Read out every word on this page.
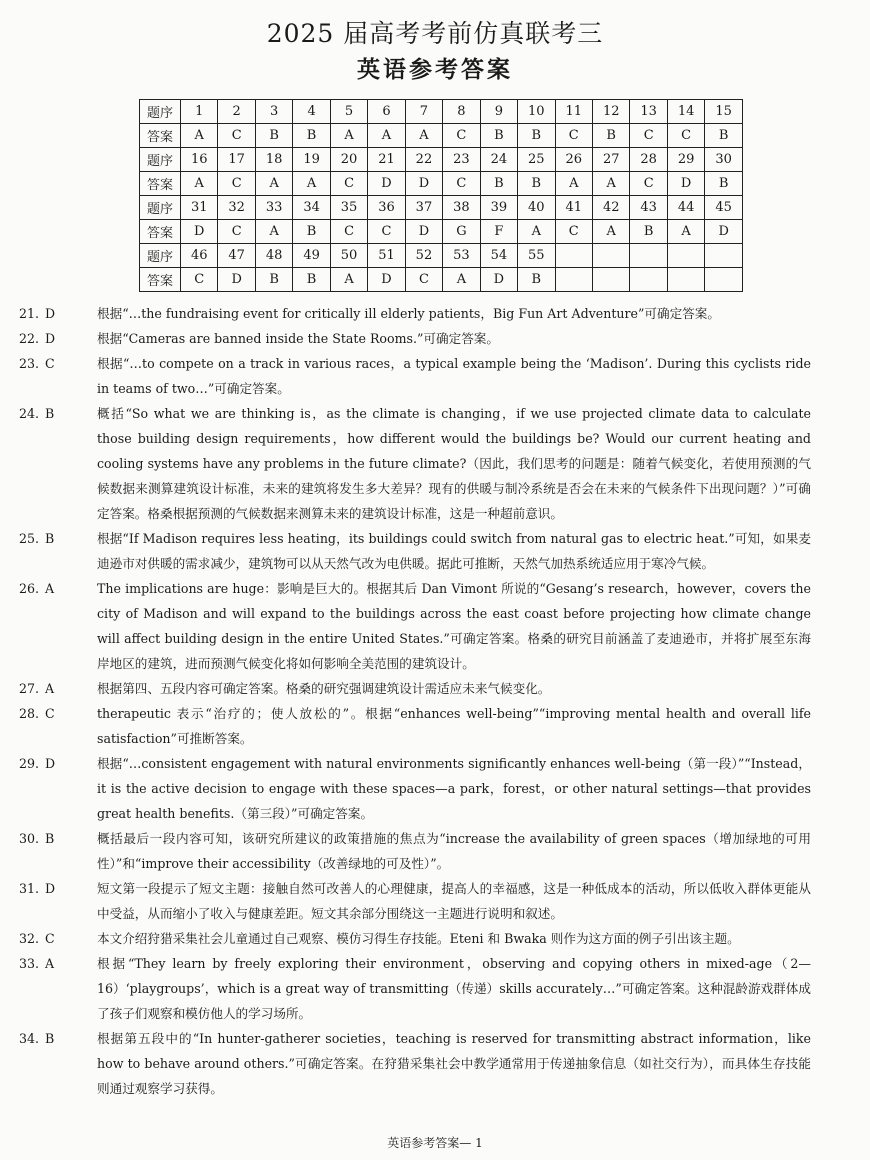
2025 届高考考前仿真联考三
英语参考答案
题序	1	2	3	4	5	6	7	8	9	10	11	12	13	14	15
答案	A	C	B	B	A	A	A	C	B	B	C	B	C	C	B
题序	16	17	18	19	20	21	22	23	24	25	26	27	28	29	30
答案	A	C	A	A	C	D	D	C	B	B	A	A	C	D	B
题序	31	32	33	34	35	36	37	38	39	40	41	42	43	44	45
答案	D	C	A	B	C	C	D	G	F	A	C	A	B	A	D
题序	46	47	48	49	50	51	52	53	54	55					
答案	C	D	B	B	A	D	C	A	D	B					
21. D	根据“…the fundraising event for critically ill elderly patients，Big Fun Art Adventure”可确定答案。
22. D	根据“Cameras are banned inside the State Rooms.”可确定答案。
23. C	根据“…to compete on a track in various races，a typical example being the ‘Madison’. During this cyclists ride in teams of two…”可确定答案。
24. B	概括“So what we are thinking is，as the climate is changing，if we use projected climate data to calculate those building design requirements，how different would the buildings be? Would our current heating and cooling systems have any problems in the future climate?（因此，我们思考的问题是：随着气候变化，若使用预测的气候数据来测算建筑设计标准，未来的建筑将发生多大差异？现有的供暖与制冷系统是否会在未来的气候条件下出现问题？）”可确定答案。格桑根据预测的气候数据来测算未来的建筑设计标准，这是一种超前意识。
25. B	根据“If Madison requires less heating，its buildings could switch from natural gas to electric heat.”可知，如果麦迪逊市对供暖的需求减少，建筑物可以从天然气改为电供暖。据此可推断，天然气加热系统适应用于寒冷气候。
26. A	The implications are huge：影响是巨大的。根据其后 Dan Vimont 所说的“Gesang’s research，however，covers the city of Madison and will expand to the buildings across the east coast before projecting how climate change will affect building design in the entire United States.”可确定答案。格桑的研究目前涵盖了麦迪逊市，并将扩展至东海岸地区的建筑，进而预测气候变化将如何影响全美范围的建筑设计。
27. A	根据第四、五段内容可确定答案。格桑的研究强调建筑设计需适应未来气候变化。
28. C	therapeutic 表示“治疗的；使人放松的”。根据“enhances well-being”“improving mental health and overall life satisfaction”可推断答案。
29. D	根据“…consistent engagement with natural environments significantly enhances well-being（第一段）”“Instead，it is the active decision to engage with these spaces—a park，forest，or other natural settings—that provides great health benefits.（第三段）”可确定答案。
30. B	概括最后一段内容可知，该研究所建议的政策措施的焦点为“increase the availability of green spaces（增加绿地的可用性）”和“improve their accessibility（改善绿地的可及性）”。
31. D	短文第一段提示了短文主题：接触自然可改善人的心理健康，提高人的幸福感，这是一种低成本的活动，所以低收入群体更能从中受益，从而缩小了收入与健康差距。短文其余部分围绕这一主题进行说明和叙述。
32. C	本文介绍狩猎采集社会儿童通过自己观察、模仿习得生存技能。Eteni 和 Bwaka 则作为这方面的例子引出该主题。
33. A	根据“They learn by freely exploring their environment，observing and copying others in mixed-age（2—16）‘playgroups’，which is a great way of transmitting（传递）skills accurately…”可确定答案。这种混龄游戏群体成了孩子们观察和模仿他人的学习场所。
34. B	根据第五段中的“In hunter-gatherer societies，teaching is reserved for transmitting abstract information，like how to behave around others.”可确定答案。在狩猎采集社会中教学通常用于传递抽象信息（如社交行为），而具体生存技能则通过观察学习获得。
英语参考答案— 1
